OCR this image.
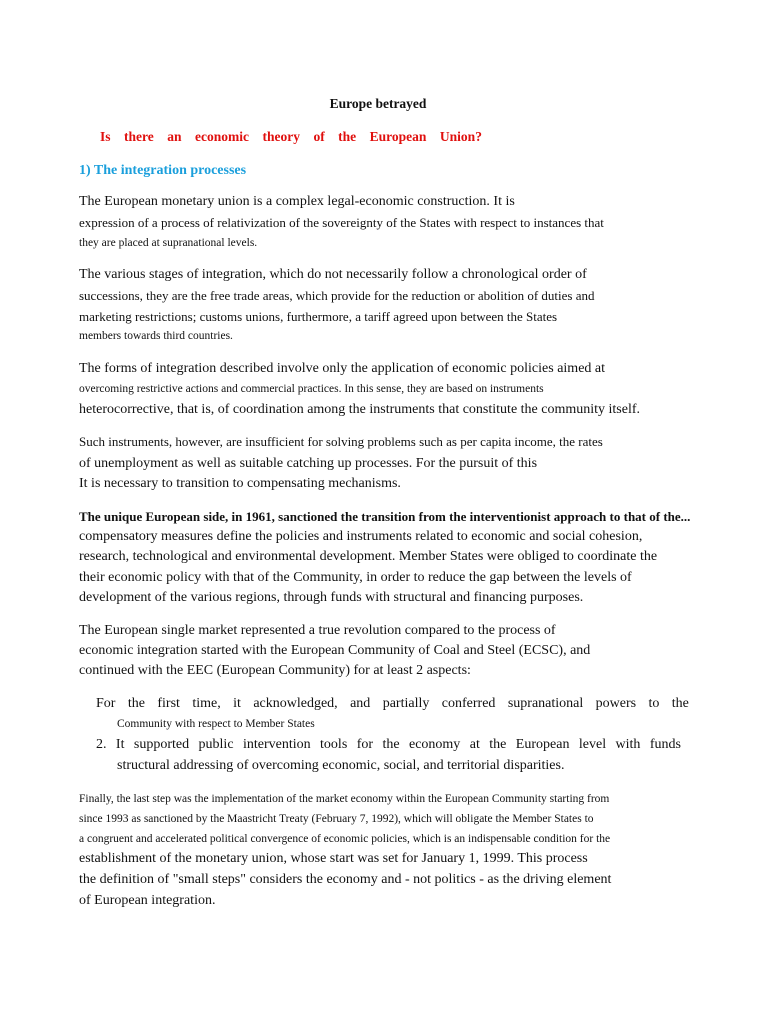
Europe betrayed
Is there an economic theory of the European Union?
1) The integration processes
The European monetary union is a complex legal-economic construction. It is
expression of a process of relativization of the sovereignty of the States with respect to instances that
they are placed at supranational levels.
The various stages of integration, which do not necessarily follow a chronological order of
successions, they are the free trade areas, which provide for the reduction or abolition of duties and
marketing restrictions; customs unions, furthermore, a tariff agreed upon between the States
members towards third countries.
The forms of integration described involve only the application of economic policies aimed at
overcoming restrictive actions and commercial practices. In this sense, they are based on instruments
heterocorrective, that is, of coordination among the instruments that constitute the community itself.
Such instruments, however, are insufficient for solving problems such as per capita income, the rates
of unemployment as well as suitable catching up processes. For the pursuit of this
It is necessary to transition to compensating mechanisms.
The unique European side, in 1961, sanctioned the transition from the interventionist approach to that of the...
compensatory measures define the policies and instruments related to economic and social cohesion,
research, technological and environmental development. Member States were obliged to coordinate the
their economic policy with that of the Community, in order to reduce the gap between the levels of
development of the various regions, through funds with structural and financing purposes.
The European single market represented a true revolution compared to the process of
economic integration started with the European Community of Coal and Steel (ECSC), and
continued with the EEC (European Community) for at least 2 aspects:
For the first time, it acknowledged, and partially conferred supranational powers to the
Community with respect to Member States
2. It supported public intervention tools for the economy at the European level with funds
structural addressing of overcoming economic, social, and territorial disparities.
Finally, the last step was the implementation of the market economy within the European Community starting from
since 1993 as sanctioned by the Maastricht Treaty (February 7, 1992), which will obligate the Member States to
a congruent and accelerated political convergence of economic policies, which is an indispensable condition for the
establishment of the monetary union, whose start was set for January 1, 1999. This process
the definition of "small steps" considers the economy and - not politics - as the driving element
of European integration.
